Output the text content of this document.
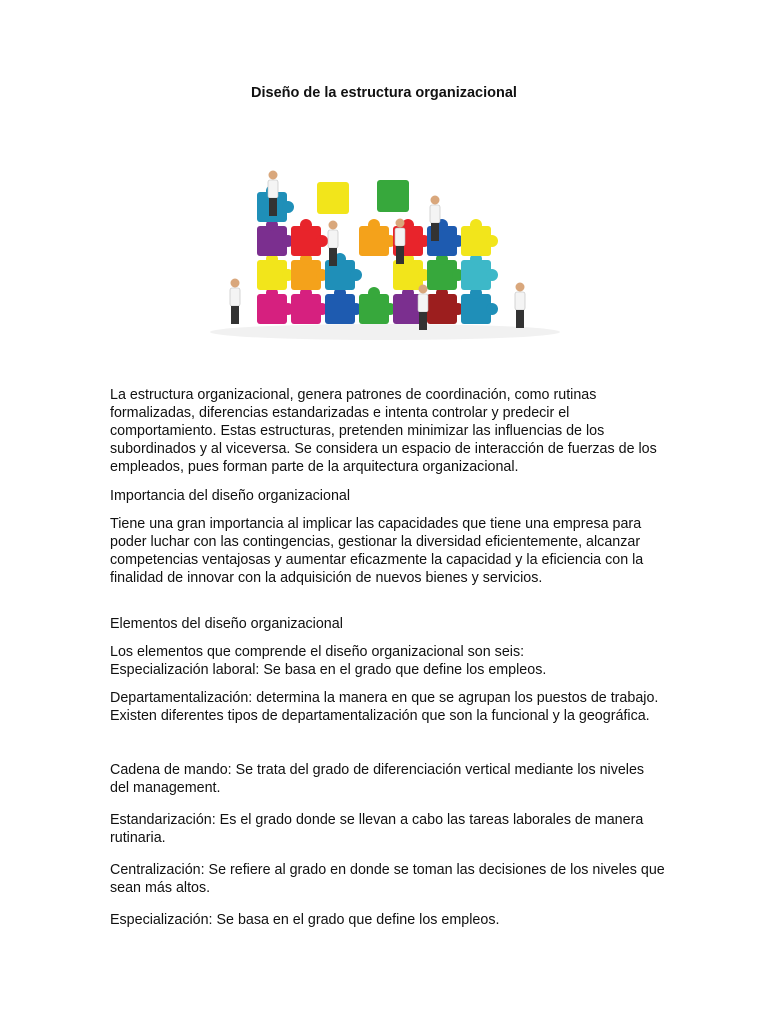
Diseño de la estructura organizacional

La estructura organizacional, genera patrones de coordinación, como rutinas formalizadas, diferencias estandarizadas e intenta controlar y predecir el comportamiento. Estas estructuras, pretenden minimizar las influencias de los subordinados y al viceversa. Se considera un espacio de interacción de fuerzas de los empleados, pues forman parte de la arquitectura organizacional.

Importancia del diseño organizacional

Tiene una gran importancia al implicar las capacidades que tiene una empresa para poder luchar con las contingencias, gestionar la diversidad eficientemente, alcanzar competencias ventajosas y aumentar eficazmente la capacidad y la eficiencia con la finalidad de innovar con la adquisición de nuevos bienes y servicios.

Elementos del diseño organizacional

Los elementos que comprende el diseño organizacional son seis:

Especialización laboral: Se basa en el grado que define los empleos.

Departamentalización: determina la manera en que se agrupan los puestos de trabajo. Existen diferentes tipos de departamentalización que son la funcional y la geográfica.

Cadena de mando: Se trata del grado de diferenciación vertical mediante los niveles del management.

Estandarización: Es el grado donde se llevan a cabo las tareas laborales de manera rutinaria.

Centralización: Se refiere al grado en donde se toman las decisiones de los niveles que sean más altos.

Especialización: Se basa en el grado que define los empleos.
